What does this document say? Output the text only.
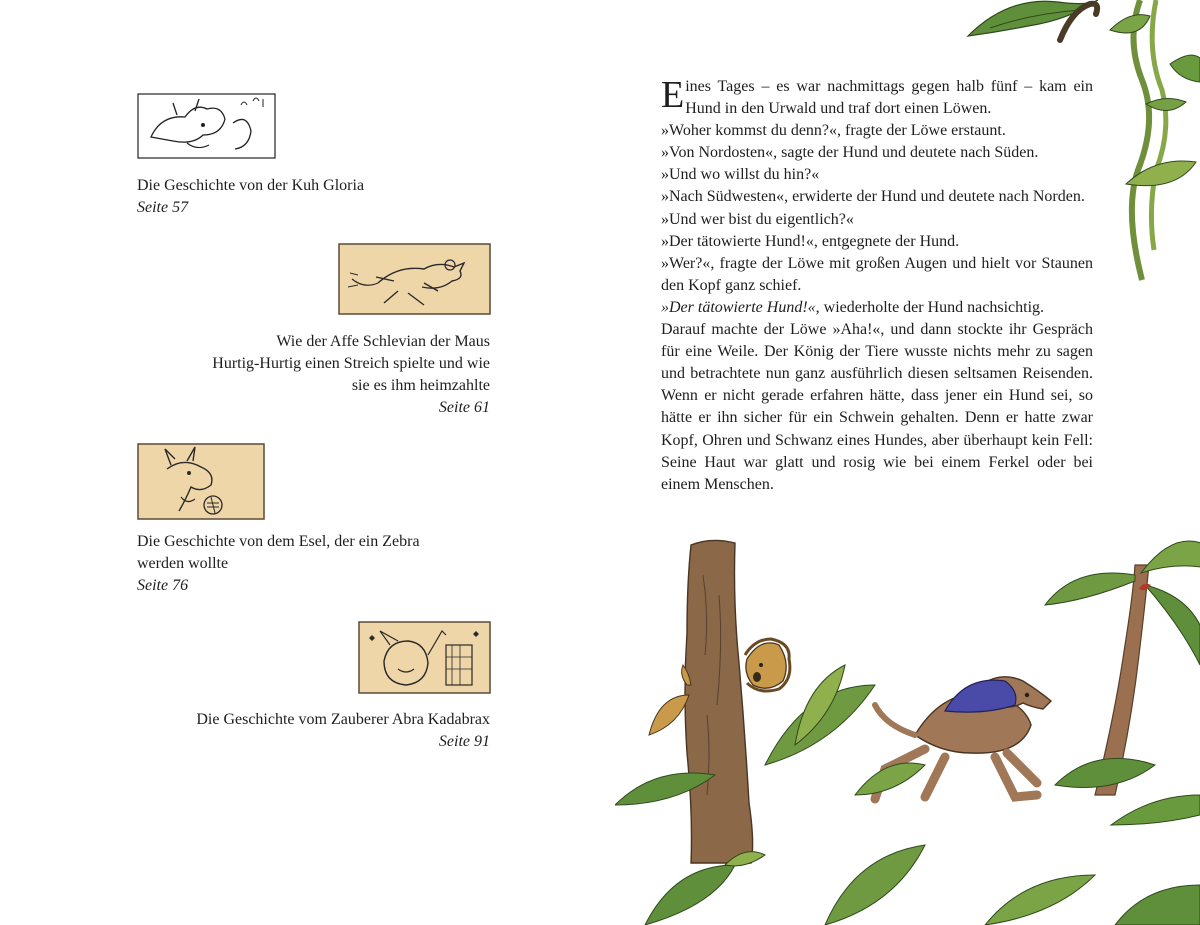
Die Geschichte von der Kuh Gloria
Seite 57
Wie der Affe Schlevian der Maus
Hurtig-Hurtig einen Streich spielte und wie
sie es ihm heimzahlte
Seite 61
Die Geschichte von dem Esel, der ein Zebra
werden wollte
Seite 76
Die Geschichte vom Zauberer Abra Kadabrax
Seite 91

Eines Tages – es war nachmittags gegen halb fünf – kam ein Hund in den Urwald und traf dort einen Löwen.

»Woher kommst du denn?«, fragte der Löwe erstaunt.

»Von Nordosten«, sagte der Hund und deutete nach Süden.

»Und wo willst du hin?«

»Nach Südwesten«, erwiderte der Hund und deutete nach Norden.

»Und wer bist du eigentlich?«

»Der tätowierte Hund!«, entgegnete der Hund.

»Wer?«, fragte der Löwe mit großen Augen und hielt vor Staunen den Kopf ganz schief.

»Der tätowierte Hund!«, wiederholte der Hund nachsichtig.

Darauf machte der Löwe »Aha!«, und dann stockte ihr Gespräch für eine Weile. Der König der Tiere wusste nichts mehr zu sagen und betrachtete nun ganz ausführlich diesen seltsamen Reisenden. Wenn er nicht gerade erfahren hätte, dass jener ein Hund sei, so hätte er ihn sicher für ein Schwein gehalten. Denn er hatte zwar Kopf, Ohren und Schwanz eines Hundes, aber überhaupt kein Fell: Seine Haut war glatt und rosig wie bei einem Ferkel oder bei einem Menschen.
